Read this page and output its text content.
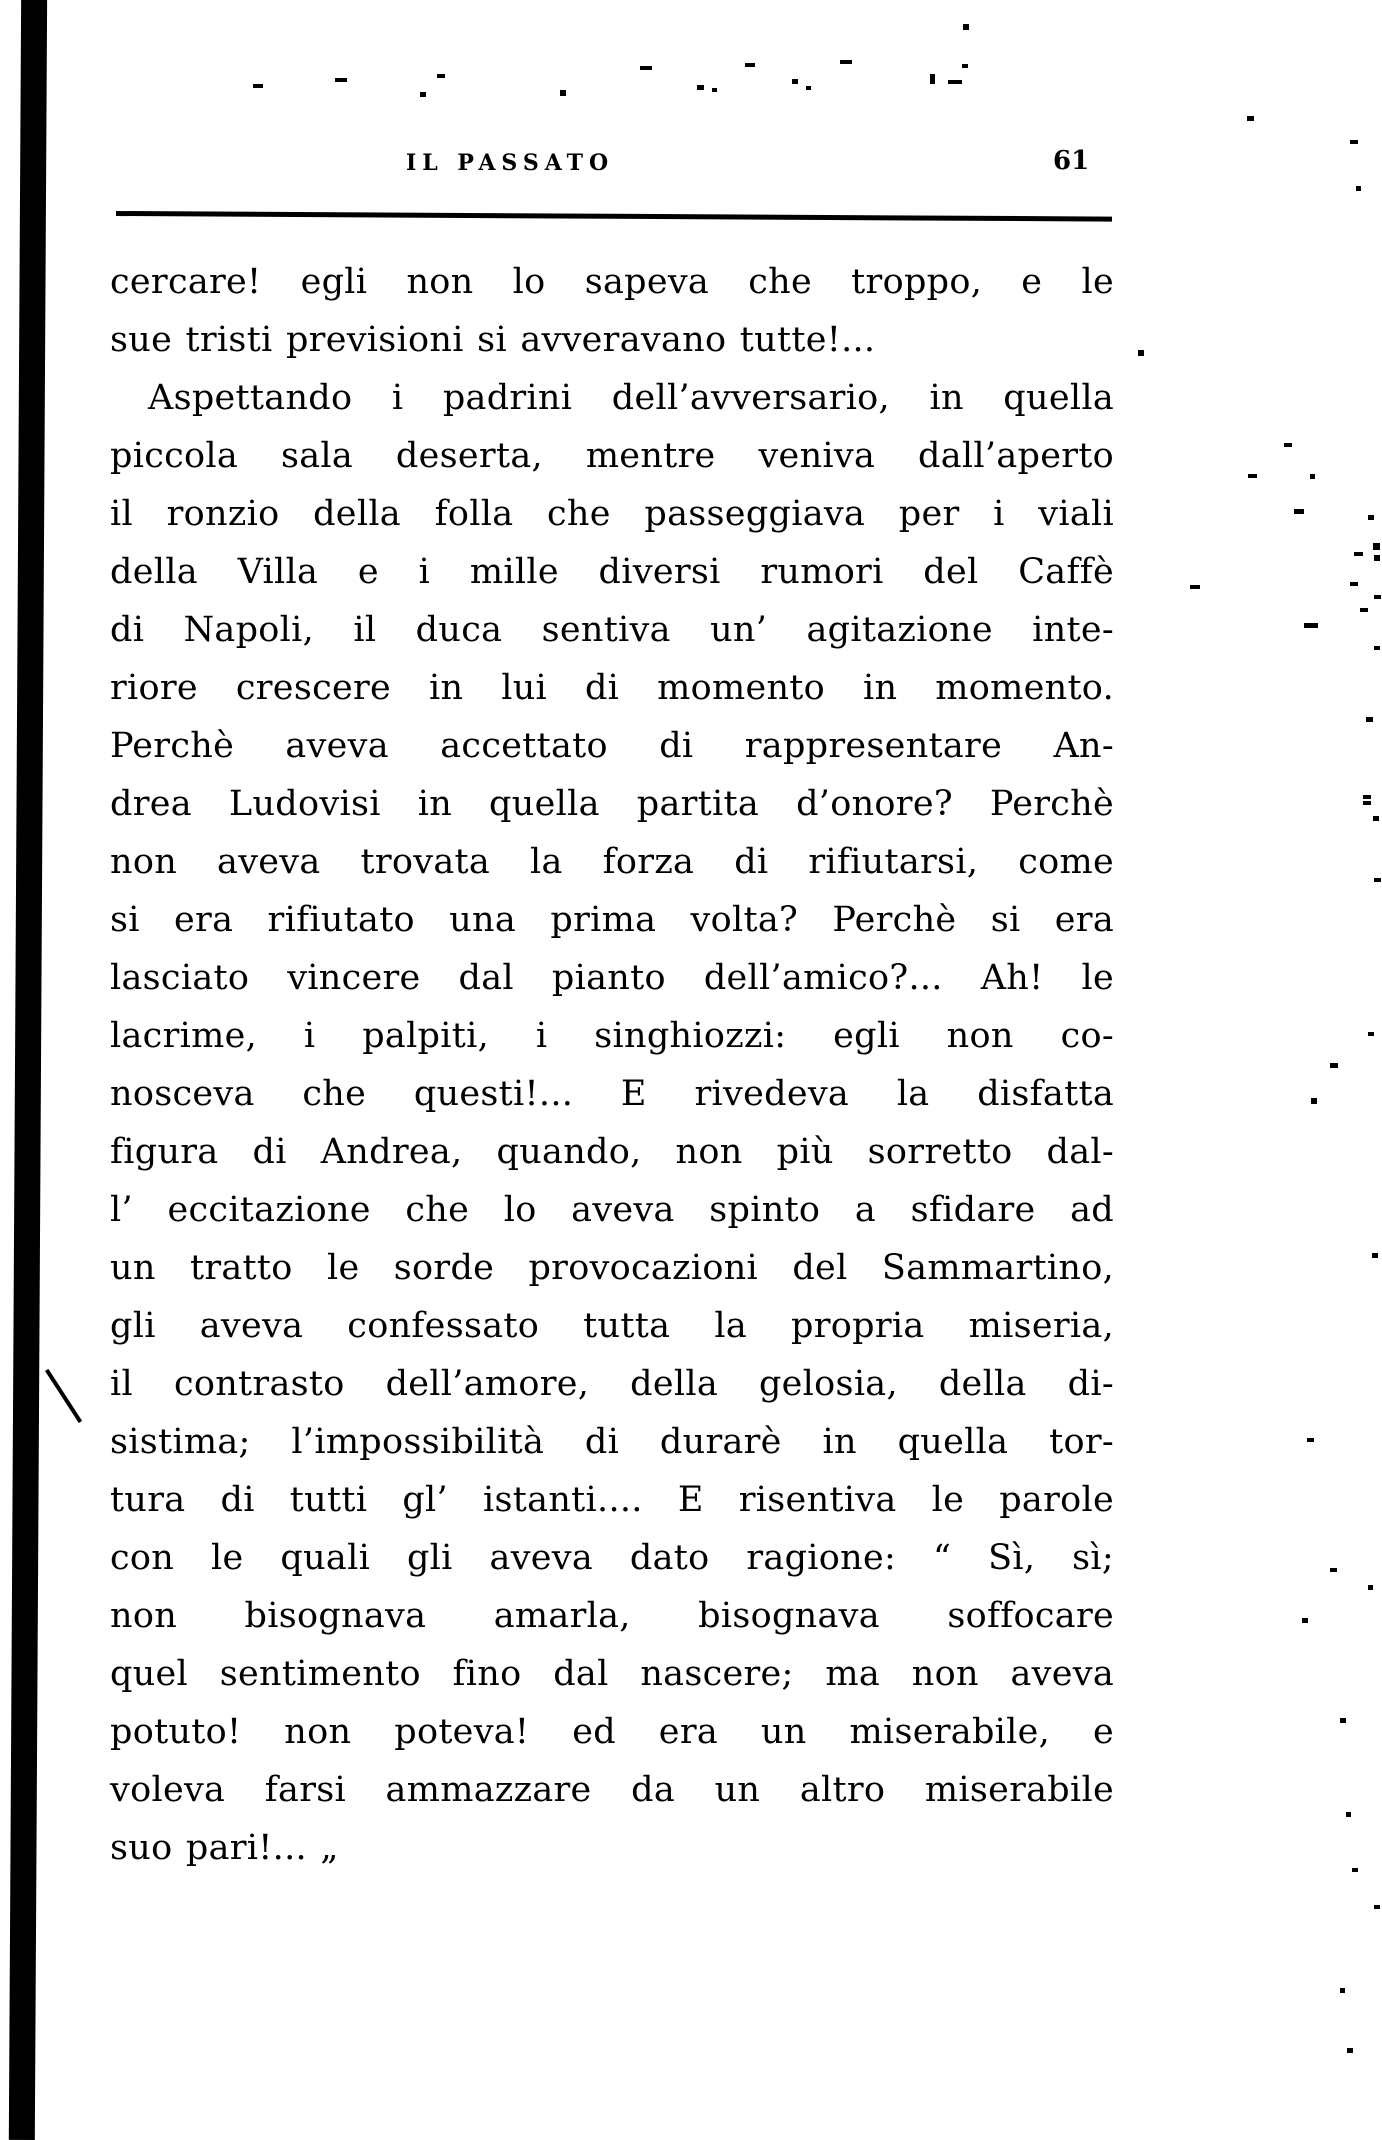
IL PASSATO	61
cercare! egli non lo sapeva che troppo, e le
sue tristi previsioni si avveravano tutte!...
Aspettando i padrini dell’avversario, in quella
piccola sala deserta, mentre veniva dall’aperto
il ronzio della folla che passeggiava per i viali
della Villa e i mille diversi rumori del Caffè
di Napoli, il duca sentiva un’ agitazione inte-
riore crescere in lui di momento in momento.
Perchè aveva accettato di rappresentare An-
drea Ludovisi in quella partita d’onore? Perchè
non aveva trovata la forza di rifiutarsi, come
si era rifiutato una prima volta? Perchè si era
lasciato vincere dal pianto dell’amico?... Ah! le
lacrime, i palpiti, i singhiozzi: egli non co-
nosceva che questi!... E rivedeva la disfatta
figura di Andrea, quando, non più sorretto dal-
l’ eccitazione che lo aveva spinto a sfidare ad
un tratto le sorde provocazioni del Sammartino,
gli aveva confessato tutta la propria miseria,
il contrasto dell’amore, della gelosia, della di-
sistima; l’impossibilità di durarè in quella tor-
tura di tutti gl’ istanti.... E risentiva le parole
con le quali gli aveva dato ragione: “ Sì, sì;
non bisognava amarla, bisognava soffocare
quel sentimento fino dal nascere; ma non aveva
potuto! non poteva! ed era un miserabile, e
voleva farsi ammazzare da un altro miserabile
suo pari!... „
